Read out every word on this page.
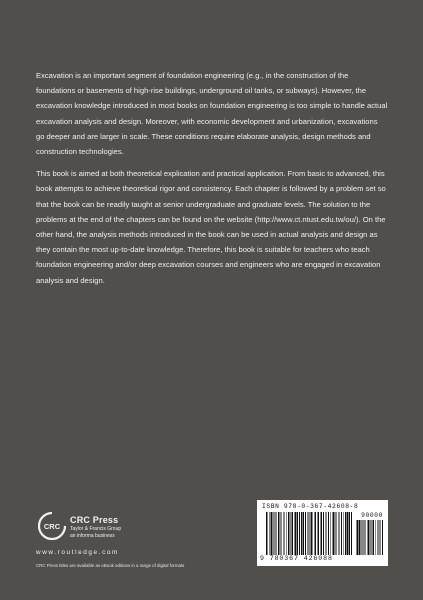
Excavation is an important segment of foundation engineering (e.g., in the construction of the foundations or basements of high-rise buildings, underground oil tanks, or subways). However, the excavation knowledge introduced in most books on foundation engineering is too simple to handle actual excavation analysis and design. Moreover, with economic development and urbanization, excavations go deeper and are larger in scale. These conditions require elaborate analysis, design methods and construction technologies.

This book is aimed at both theoretical explication and practical application. From basic to advanced, this book attempts to achieve theoretical rigor and consistency. Each chapter is followed by a problem set so that the book can be readily taught at senior undergraduate and graduate levels. The solution to the problems at the end of the chapters can be found on the website (http://www.ct.ntust.edu.tw/ou/). On the other hand, the analysis methods introduced in the book can be used in actual analysis and design as they contain the most up-to-date knowledge. Therefore, this book is suitable for teachers who teach foundation engineering and/or deep excavation courses and engineers who are engaged in excavation analysis and design.

CRC
CRC Press
Taylor & Francis Group
an informa business
www.routledge.com
CRC Press titles are available as eBook editions in a range of digital formats
ISBN 978-0-367-42608-8
90000
9 780367 426088
